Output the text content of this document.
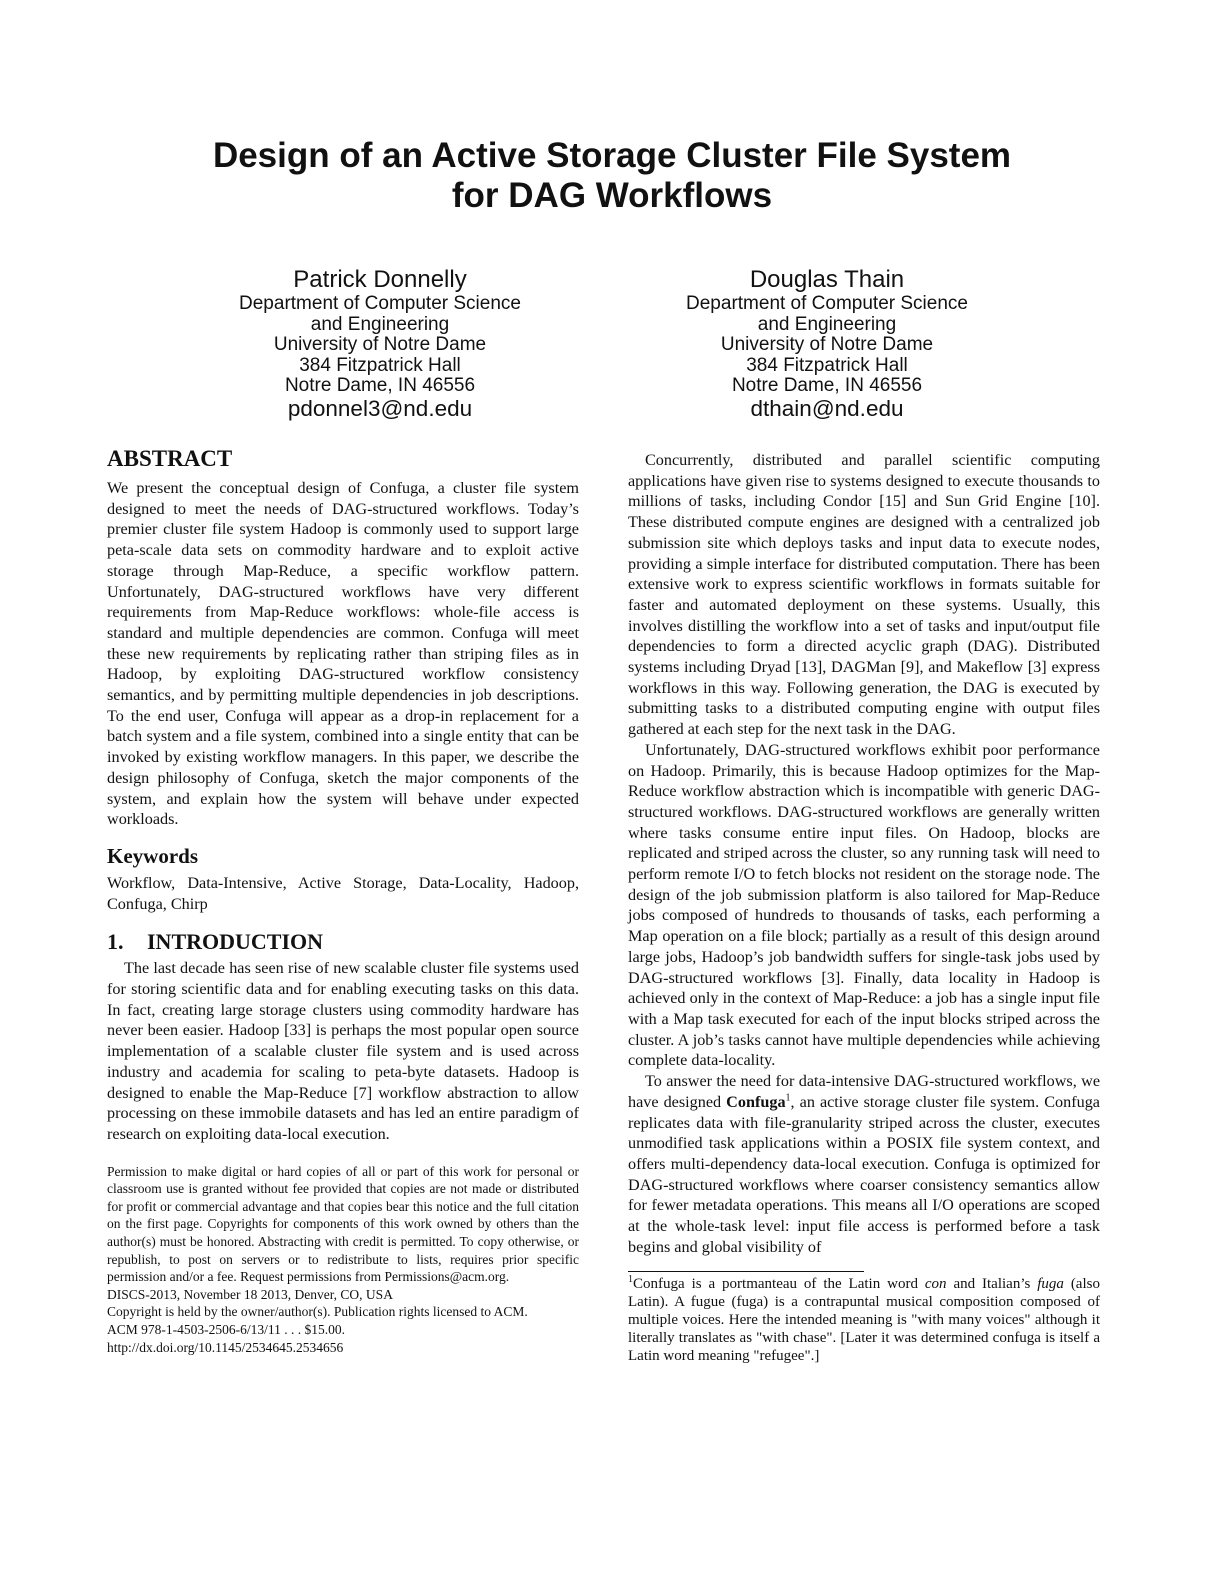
Design of an Active Storage Cluster File System
for DAG Workflows
Patrick Donnelly
Department of Computer Science
and Engineering
University of Notre Dame
384 Fitzpatrick Hall
Notre Dame, IN 46556
pdonnel3@nd.edu
Douglas Thain
Department of Computer Science
and Engineering
University of Notre Dame
384 Fitzpatrick Hall
Notre Dame, IN 46556
dthain@nd.edu
ABSTRACT

We present the conceptual design of Confuga, a cluster file system designed to meet the needs of DAG-structured workflows. Today’s premier cluster file system Hadoop is commonly used to support large peta-scale data sets on commodity hardware and to exploit active storage through Map-Reduce, a specific workflow pattern. Unfortunately, DAG-structured workflows have very different requirements from Map-Reduce workflows: whole-file access is standard and multiple dependencies are common. Confuga will meet these new requirements by replicating rather than striping files as in Hadoop, by exploiting DAG-structured workflow consistency semantics, and by permitting multiple dependencies in job descriptions. To the end user, Confuga will appear as a drop-in replacement for a batch system and a file system, combined into a single entity that can be invoked by existing workflow managers. In this paper, we describe the design philosophy of Confuga, sketch the major components of the system, and explain how the system will behave under expected workloads.

Keywords

Workflow, Data-Intensive, Active Storage, Data-Locality, Hadoop, Confuga, Chirp

1. INTRODUCTION

The last decade has seen rise of new scalable cluster file systems used for storing scientific data and for enabling executing tasks on this data. In fact, creating large storage clusters using commodity hardware has never been easier. Hadoop [33] is perhaps the most popular open source implementation of a scalable cluster file system and is used across industry and academia for scaling to peta-byte datasets. Hadoop is designed to enable the Map-Reduce [7] workflow abstraction to allow processing on these immobile datasets and has led an entire paradigm of research on exploiting data-local execution.

Permission to make digital or hard copies of all or part of this work for personal or classroom use is granted without fee provided that copies are not made or distributed for profit or commercial advantage and that copies bear this notice and the full citation on the first page. Copyrights for components of this work owned by others than the author(s) must be honored. Abstracting with credit is permitted. To copy otherwise, or republish, to post on servers or to redistribute to lists, requires prior specific permission and/or a fee. Request permissions from Permissions@acm.org.

DISCS-2013, November 18 2013, Denver, CO, USA

Copyright is held by the owner/author(s). Publication rights licensed to ACM.

ACM 978-1-4503-2506-6/13/11 . . . $15.00.

http://dx.doi.org/10.1145/2534645.2534656

Concurrently, distributed and parallel scientific computing applications have given rise to systems designed to execute thousands to millions of tasks, including Condor [15] and Sun Grid Engine [10]. These distributed compute engines are designed with a centralized job submission site which deploys tasks and input data to execute nodes, providing a simple interface for distributed computation. There has been extensive work to express scientific workflows in formats suitable for faster and automated deployment on these systems. Usually, this involves distilling the workflow into a set of tasks and input/output file dependencies to form a directed acyclic graph (DAG). Distributed systems including Dryad [13], DAGMan [9], and Makeflow [3] express workflows in this way. Following generation, the DAG is executed by submitting tasks to a distributed computing engine with output files gathered at each step for the next task in the DAG.

Unfortunately, DAG-structured workflows exhibit poor performance on Hadoop. Primarily, this is because Hadoop optimizes for the Map-Reduce workflow abstraction which is incompatible with generic DAG-structured workflows. DAG-structured workflows are generally written where tasks consume entire input files. On Hadoop, blocks are replicated and striped across the cluster, so any running task will need to perform remote I/O to fetch blocks not resident on the storage node. The design of the job submission platform is also tailored for Map-Reduce jobs composed of hundreds to thousands of tasks, each performing a Map operation on a file block; partially as a result of this design around large jobs, Hadoop’s job bandwidth suffers for single-task jobs used by DAG-structured workflows [3]. Finally, data locality in Hadoop is achieved only in the context of Map-Reduce: a job has a single input file with a Map task executed for each of the input blocks striped across the cluster. A job’s tasks cannot have multiple dependencies while achieving complete data-locality.

To answer the need for data-intensive DAG-structured workflows, we have designed Confuga$^1$, an active storage cluster file system. Confuga replicates data with file-granularity striped across the cluster, executes unmodified task applications within a POSIX file system context, and offers multi-dependency data-local execution. Confuga is optimized for DAG-structured workflows where coarser consistency semantics allow for fewer metadata operations. This means all I/O operations are scoped at the whole-task level: input file access is performed before a task begins and global visibility of

$^1$Confuga is a portmanteau of the Latin word con and Italian’s fuga (also Latin). A fugue (fuga) is a contrapuntal musical composition composed of multiple voices. Here the intended meaning is "with many voices" although it literally translates as "with chase". [Later it was determined confuga is itself a Latin word meaning "refugee".]
